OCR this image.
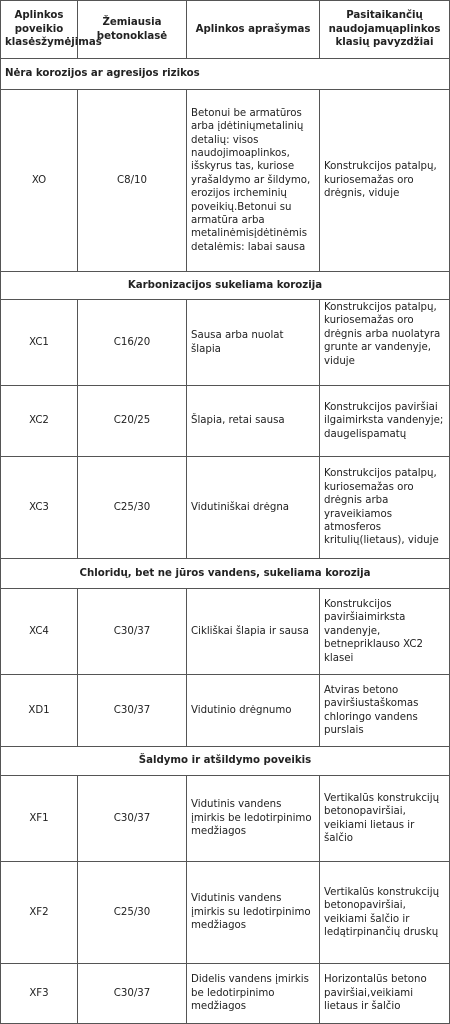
Aplinkos poveikio klasėsžymėjimas	Žemiausia betonoklasė	Aplinkos aprašymas	Pasitaikančių naudojamųaplinkos klasių pavyzdžiai
Nėra korozijos ar agresijos rizikos			
XO	C8/10	Betonui be armatūros arba įdėtiniųmetalinių detalių: visos naudojimoaplinkos, išskyrus tas, kuriose yrašaldymo ar šildymo, erozijos ircheminių poveikių.Betonui su armatūra arba metalinėmisįdėtinėmis detalėmis: labai sausa	Konstrukcijos patalpų, kuriosemažas oro drėgnis, viduje
Karbonizacijos sukeliama korozija			
XC1	C16/20	Sausa arba nuolat šlapia	Konstrukcijos patalpų, kuriosemažas oro drėgnis arba nuolatyra grunte ar vandenyje, viduje
XC2	C20/25	Šlapia, retai sausa	Konstrukcijos paviršiai ilgaimirksta vandenyje; daugelispamatų
XC3	C25/30	Vidutiniškai drėgna	Konstrukcijos patalpų, kuriosemažas oro drėgnis arba yraveikiamos atmosferos kritulių(lietaus), viduje
Chloridų, bet ne jūros vandens, sukeliama korozija			
XC4	C30/37	Cikliškai šlapia ir sausa	Konstrukcijos paviršiaimirksta vandenyje, betnepriklauso XC2 klasei
XD1	C30/37	Vidutinio drėgnumo	Atviras betono paviršiustaškomas chloringo vandens purslais
Šaldymo ir atšildymo poveikis			
XF1	C30/37	Vidutinis vandens įmirkis be ledotirpinimo medžiagos	Vertikalūs konstrukcijų betonopaviršiai, veikiami lietaus ir šalčio
XF2	C25/30	Vidutinis vandens įmirkis su ledotirpinimo medžiagos	Vertikalūs konstrukcijų betonopaviršiai, veikiami šalčio ir ledątirpinančių druskų
XF3	C30/37	Didelis vandens įmirkis be ledotirpinimo medžiagos	Horizontalūs betono paviršiai,veikiami lietaus ir šalčio
